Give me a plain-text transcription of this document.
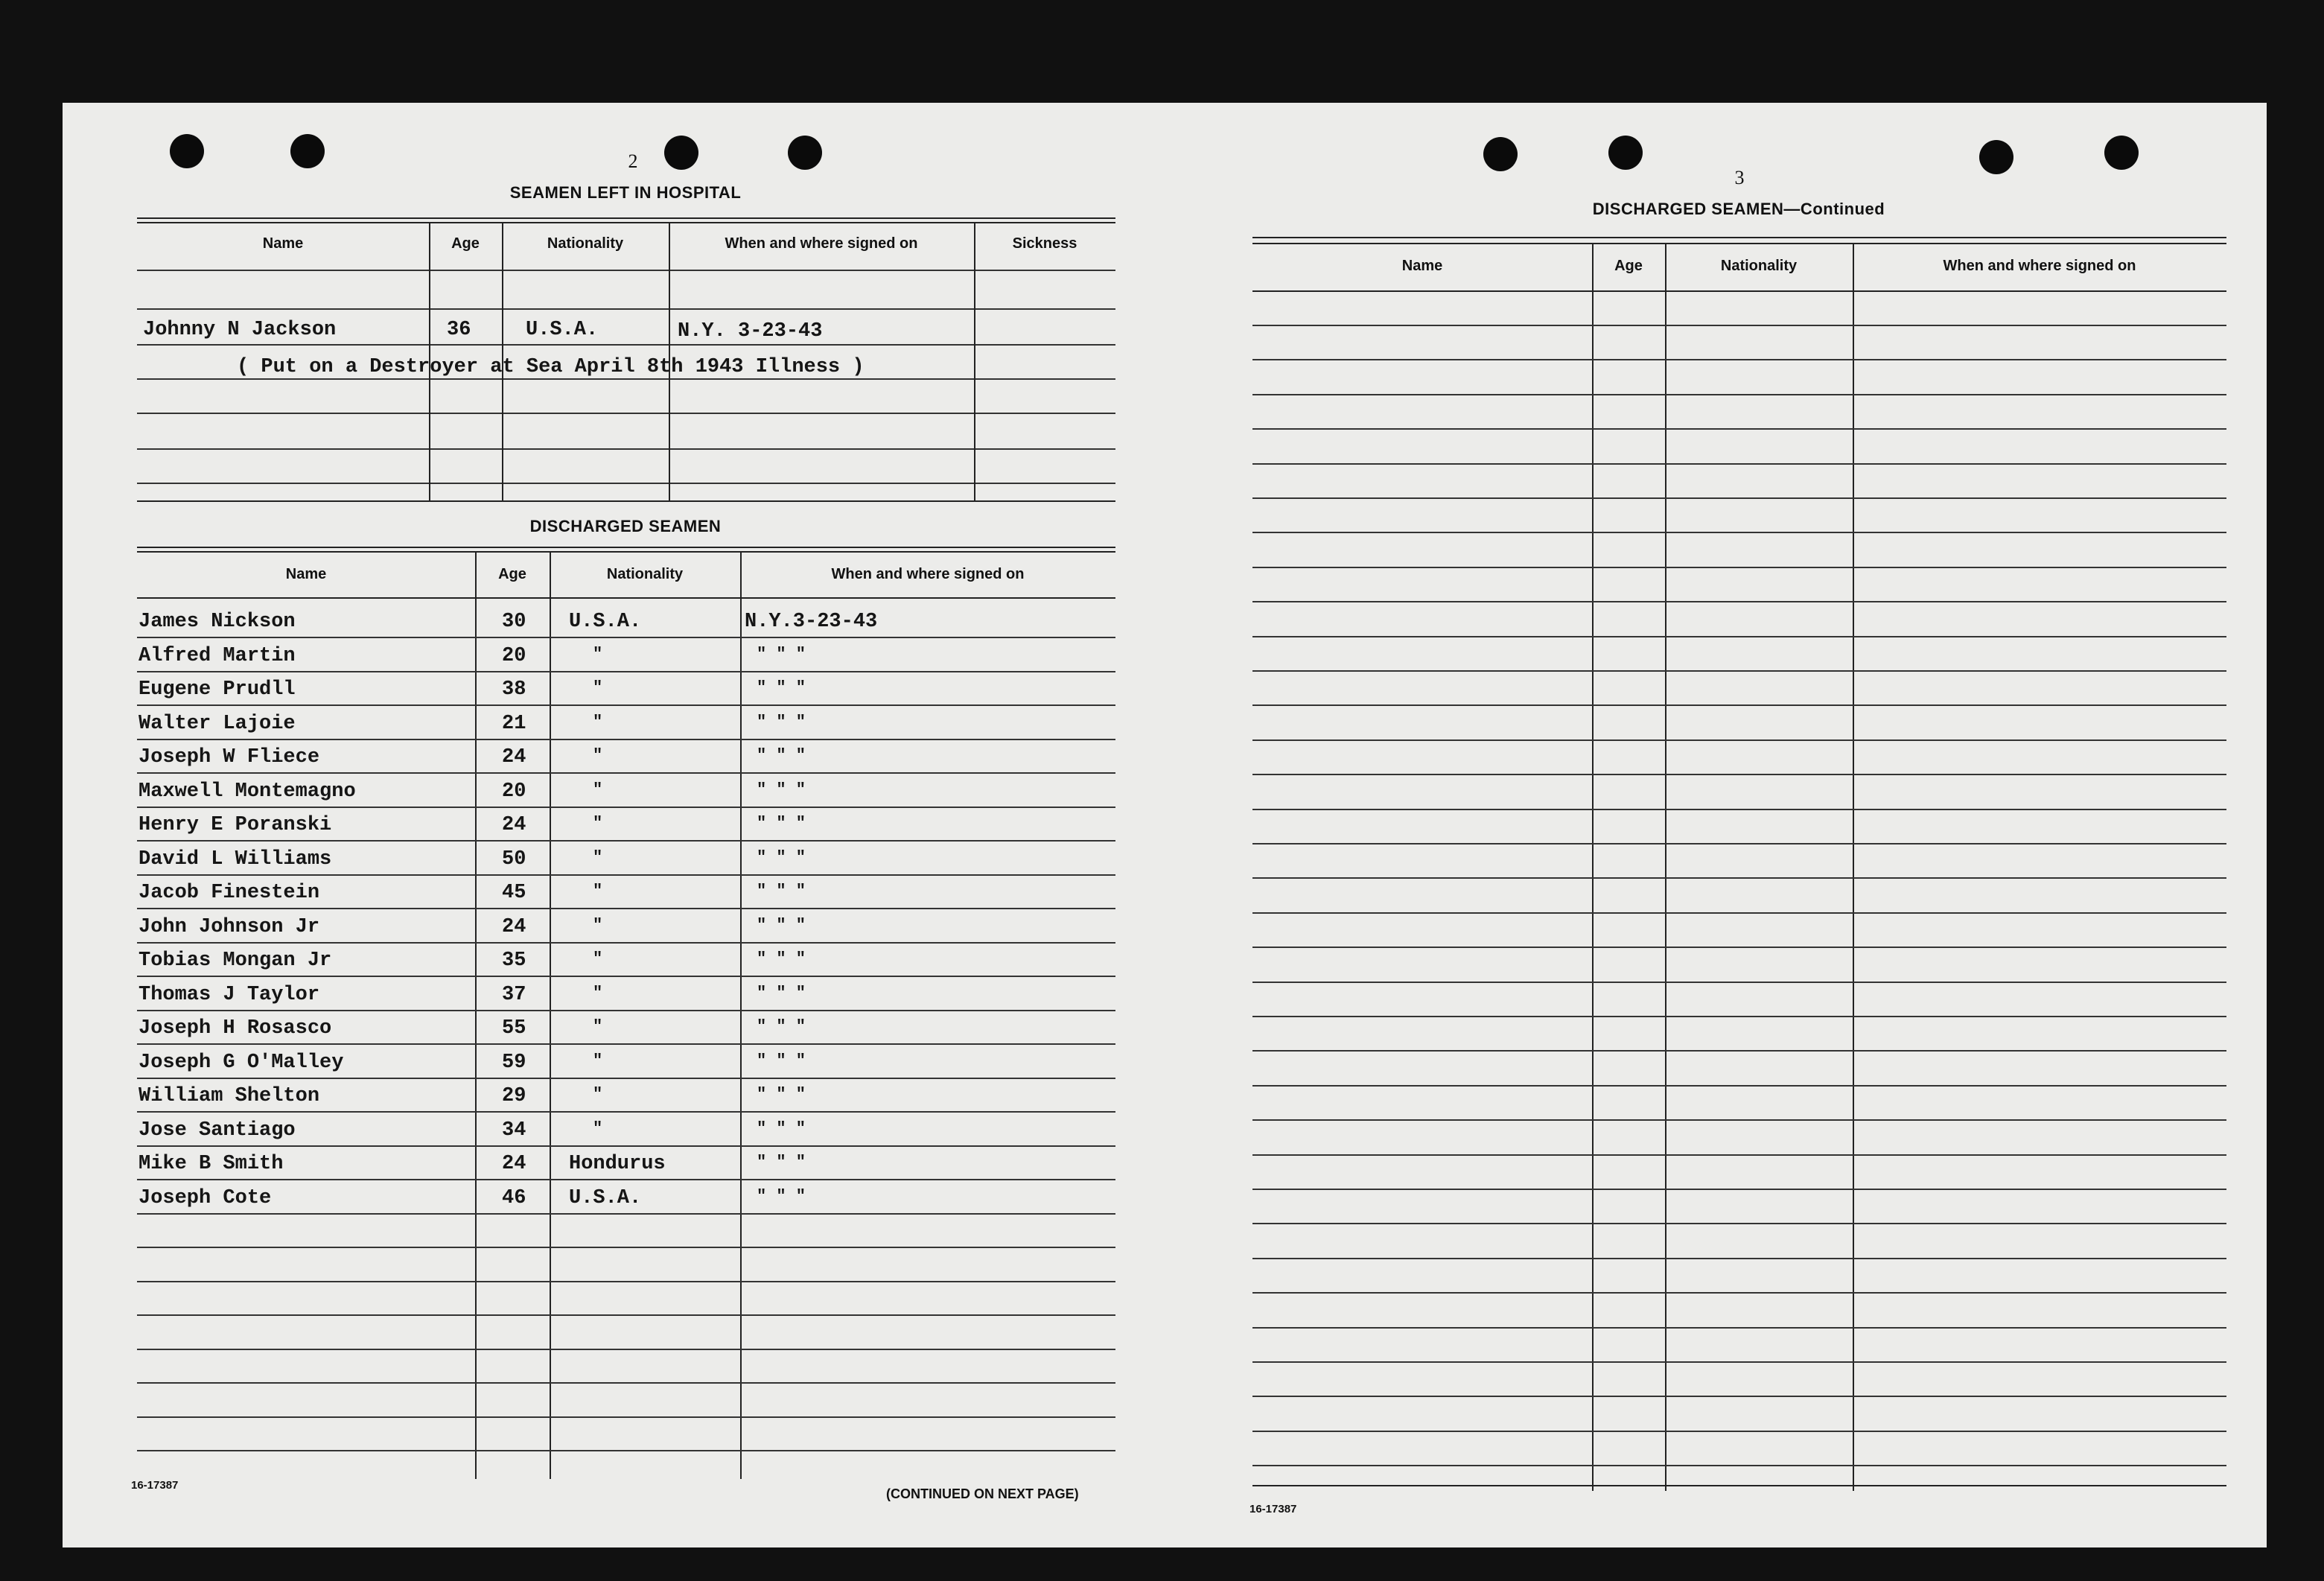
2
SEAMEN LEFT IN HOSPITAL
Name	Age	Nationality	When and where signed on	Sickness
Johnny N Jackson	36	U.S.A.	N.Y. 3-23-43
( Put on a Destroyer at Sea April 8th 1943 Illness )
DISCHARGED SEAMEN
Name	Age	Nationality	When and where signed on
James Nickson	30 U.S.A.	N.Y.3-23-43
Alfred Martin	20	"	" " "
Eugene Prudll	38	"	" " "
Walter Lajoie	21	"	" " "
Joseph W Fliece	24	"	" " "
Maxwell Montemagno	20	"	" " "
Henry E Poranski	24	"	" " "
David L Williams	50	"	" " "
Jacob Finestein	45	"	" " "
John Johnson Jr	24	"	" " "
Tobias Mongan Jr	35	"	" " "
Thomas J Taylor	37	"	" " "
Joseph H Rosasco	55	"	" " "
Joseph G O'Malley	59	"	" " "
William Shelton	29	"	" " "
Jose Santiago	34	"	" " "
Mike B Smith	24 Hondurus	" " "
Joseph Cote	46 U.S.A.	" " "
16-17387
(CONTINUED ON NEXT PAGE)
3
DISCHARGED SEAMEN—Continued
Name	Age	Nationality	When and where signed on
16-17387
